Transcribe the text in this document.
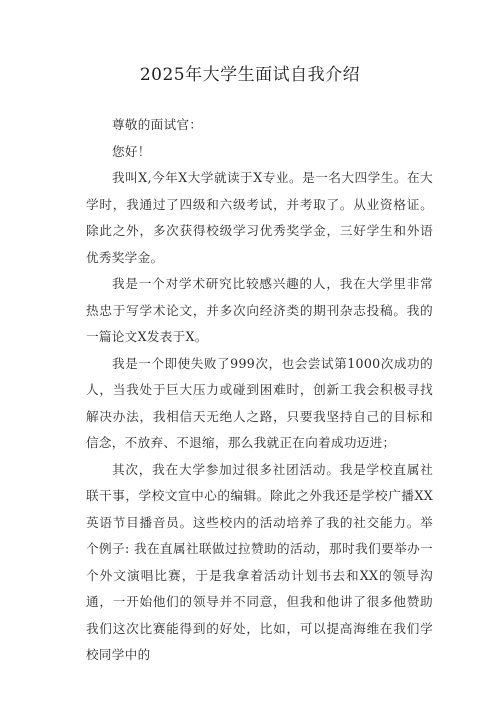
2025年大学生面试自我介绍

尊敬的面试官：

您好！

我叫X,今年X大学就读于X专业。是一名大四学生。在大学时，我通过了四级和六级考试，并考取了。从业资格证。除此之外，多次获得校级学习优秀奖学金，三好学生和外语优秀奖学金。

我是一个对学术研究比较感兴趣的人，我在大学里非常热忠于写学术论文，并多次向经济类的期刊杂志投稿。我的一篇论文X发表于X。

我是一个即使失败了999次，也会尝试第1000次成功的人，当我处于巨大压力或碰到困难时，创新工我会积极寻找解决办法，我相信天无绝人之路，只要我坚持自己的目标和信念，不放弃、不退缩，那么我就正在向着成功迈进；

其次，我在大学参加过很多社团活动。我是学校直属社联干事，学校文宣中心的编辑。除此之外我还是学校广播XX英语节目播音员。这些校内的活动培养了我的社交能力。举个例子: 我在直属社联做过拉赞助的活动，那时我们要举办一个外文演唱比赛，于是我拿着活动计划书去和XX的领导沟通，一开始他们的领导并不同意，但我和他讲了很多他赞助我们这次比赛能得到的好处，比如，可以提高海维在我们学校同学中的
